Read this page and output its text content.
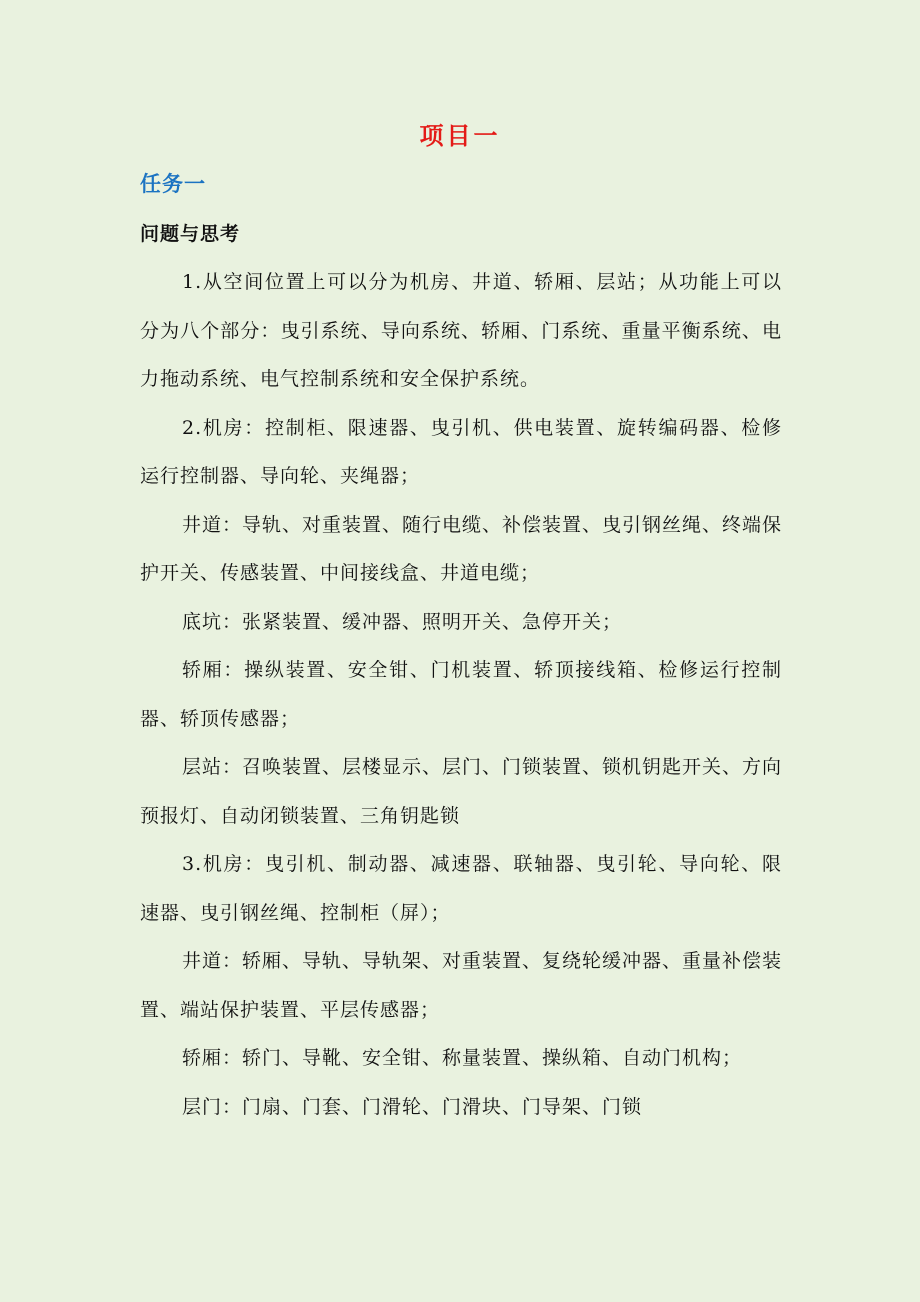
项目一
任务一
问题与思考

1.从空间位置上可以分为机房、井道、轿厢、层站；从功能上可以分为八个部分：曳引系统、导向系统、轿厢、门系统、重量平衡系统、电力拖动系统、电气控制系统和安全保护系统。

2.机房：控制柜、限速器、曳引机、供电装置、旋转编码器、检修运行控制器、导向轮、夹绳器；

井道：导轨、对重装置、随行电缆、补偿装置、曳引钢丝绳、终端保护开关、传感装置、中间接线盒、井道电缆；

底坑：张紧装置、缓冲器、照明开关、急停开关；

轿厢：操纵装置、安全钳、门机装置、轿顶接线箱、检修运行控制器、轿顶传感器；

层站：召唤装置、层楼显示、层门、门锁装置、锁机钥匙开关、方向预报灯、自动闭锁装置、三角钥匙锁

3.机房：曳引机、制动器、减速器、联轴器、曳引轮、导向轮、限速器、曳引钢丝绳、控制柜（屏）；

井道：轿厢、导轨、导轨架、对重装置、复绕轮缓冲器、重量补偿装置、端站保护装置、平层传感器；

轿厢：轿门、导靴、安全钳、称量装置、操纵箱、自动门机构；

层门：门扇、门套、门滑轮、门滑块、门导架、门锁
